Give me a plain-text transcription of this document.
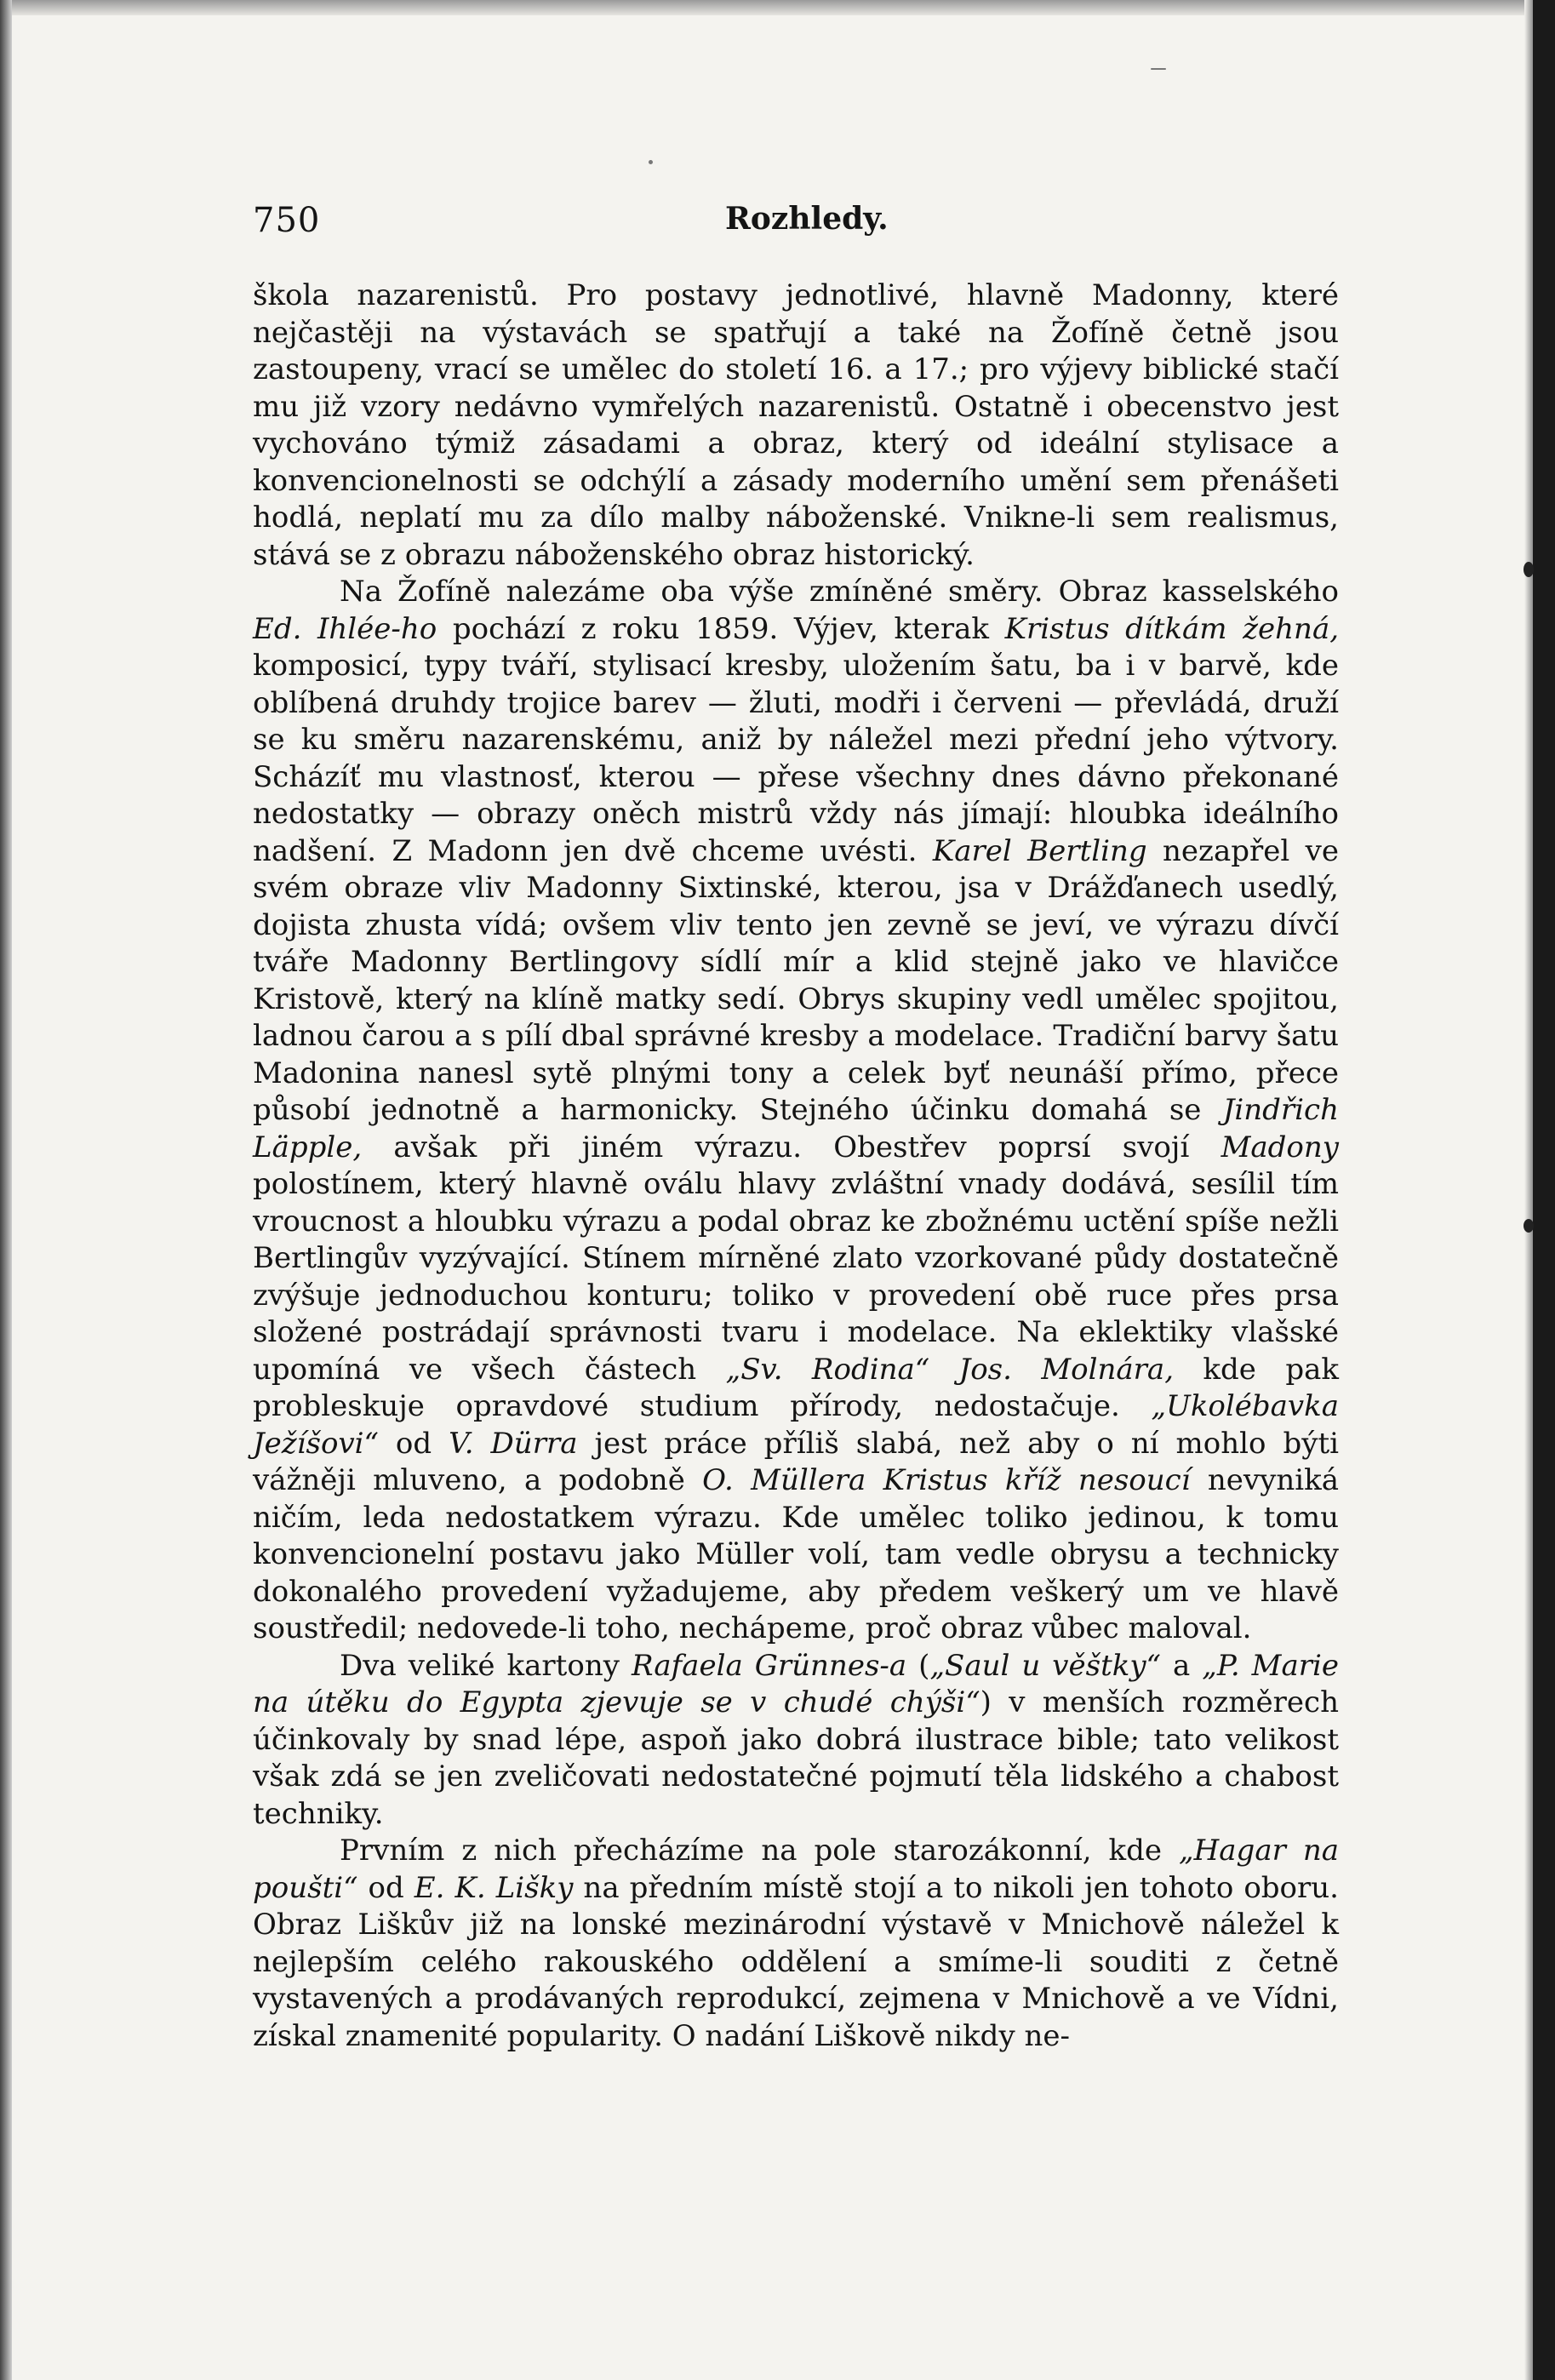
750	Rozhledy.

škola nazarenistů. Pro postavy jednotlivé, hlavně Madonny, které nejčastěji na výstavách se spatřují a také na Žofíně četně jsou zastoupeny, vrací se umělec do století 16. a 17.; pro výjevy biblické stačí mu již vzory nedávno vymřelých nazarenistů. Ostatně i obecenstvo jest vychováno týmiž zásadami a obraz, který od ideální stylisace a konvencionelnosti se odchýlí a zásady moderního umění sem přenášeti hodlá, neplatí mu za dílo malby náboženské. Vnikne-li sem realismus, stává se z obrazu náboženského obraz historický.

Na Žofíně nalezáme oba výše zmíněné směry. Obraz kasselského Ed. Ihlée-ho pochází z roku 1859. Výjev, kterak Kristus dítkám žehná, komposicí, typy tváří, stylisací kresby, uložením šatu, ba i v barvě, kde oblíbená druhdy trojice barev — žluti, modři i červeni — převládá, druží se ku směru nazarenskému, aniž by náležel mezi přední jeho výtvory. Scházíť mu vlastnosť, kterou — přese všechny dnes dávno překonané nedostatky — obrazy oněch mistrů vždy nás jímají: hloubka ideálního nadšení. Z Madonn jen dvě chceme uvésti. Karel Bertling nezapřel ve svém obraze vliv Madonny Sixtinské, kterou, jsa v Drážďanech usedlý, dojista zhusta vídá; ovšem vliv tento jen zevně se jeví, ve výrazu dívčí tváře Madonny Bertlingovy sídlí mír a klid stejně jako ve hlavičce Kristově, který na klíně matky sedí. Obrys skupiny vedl umělec spojitou, ladnou čarou a s pílí dbal správné kresby a modelace. Tradiční barvy šatu Madonina nanesl sytě plnými tony a celek byť neunáší přímo, přece působí jednotně a harmonicky. Stejného účinku domahá se Jindřich Läpple, avšak při jiném výrazu. Obestřev poprsí svojí Madony polostínem, který hlavně oválu hlavy zvláštní vnady dodává, sesílil tím vroucnost a hloubku výrazu a podal obraz ke zbožnému uctění spíše nežli Bertlingův vyzývající. Stínem mírněné zlato vzorkované půdy dostatečně zvýšuje jednoduchou konturu; toliko v provedení obě ruce přes prsa složené postrádají správnosti tvaru i modelace. Na eklektiky vlašské upomíná ve všech částech „Sv. Rodina“ Jos. Molnára, kde pak probleskuje opravdové studium přírody, nedostačuje. „Ukolébavka Ježíšovi“ od V. Dürra jest práce příliš slabá, než aby o ní mohlo býti vážněji mluveno, a podobně O. Müllera Kristus kříž nesoucí nevyniká ničím, leda nedostatkem výrazu. Kde umělec toliko jedinou, k tomu konvencionelní postavu jako Müller volí, tam vedle obrysu a technicky dokonalého provedení vyžadujeme, aby předem veškerý um ve hlavě soustředil; nedovede-li toho, nechápeme, proč obraz vůbec maloval.

Dva veliké kartony Rafaela Grünnes-a („Saul u věštky“ a „P. Marie na útěku do Egypta zjevuje se v chudé chýši“) v menších rozměrech účinkovaly by snad lépe, aspoň jako dobrá ilustrace bible; tato velikost však zdá se jen zveličovati nedostatečné pojmutí těla lidského a chabost techniky.

Prvním z nich přecházíme na pole starozákonní, kde „Hagar na poušti“ od E. K. Lišky na předním místě stojí a to nikoli jen tohoto oboru. Obraz Liškův již na lonské mezinárodní výstavě v Mnichově náležel k nejlepším celého rakouského oddělení a smíme-li souditi z četně vystavených a prodávaných reprodukcí, zejmena v Mnichově a ve Vídni, získal znamenité popularity. O nadání Liškově nikdy ne-
